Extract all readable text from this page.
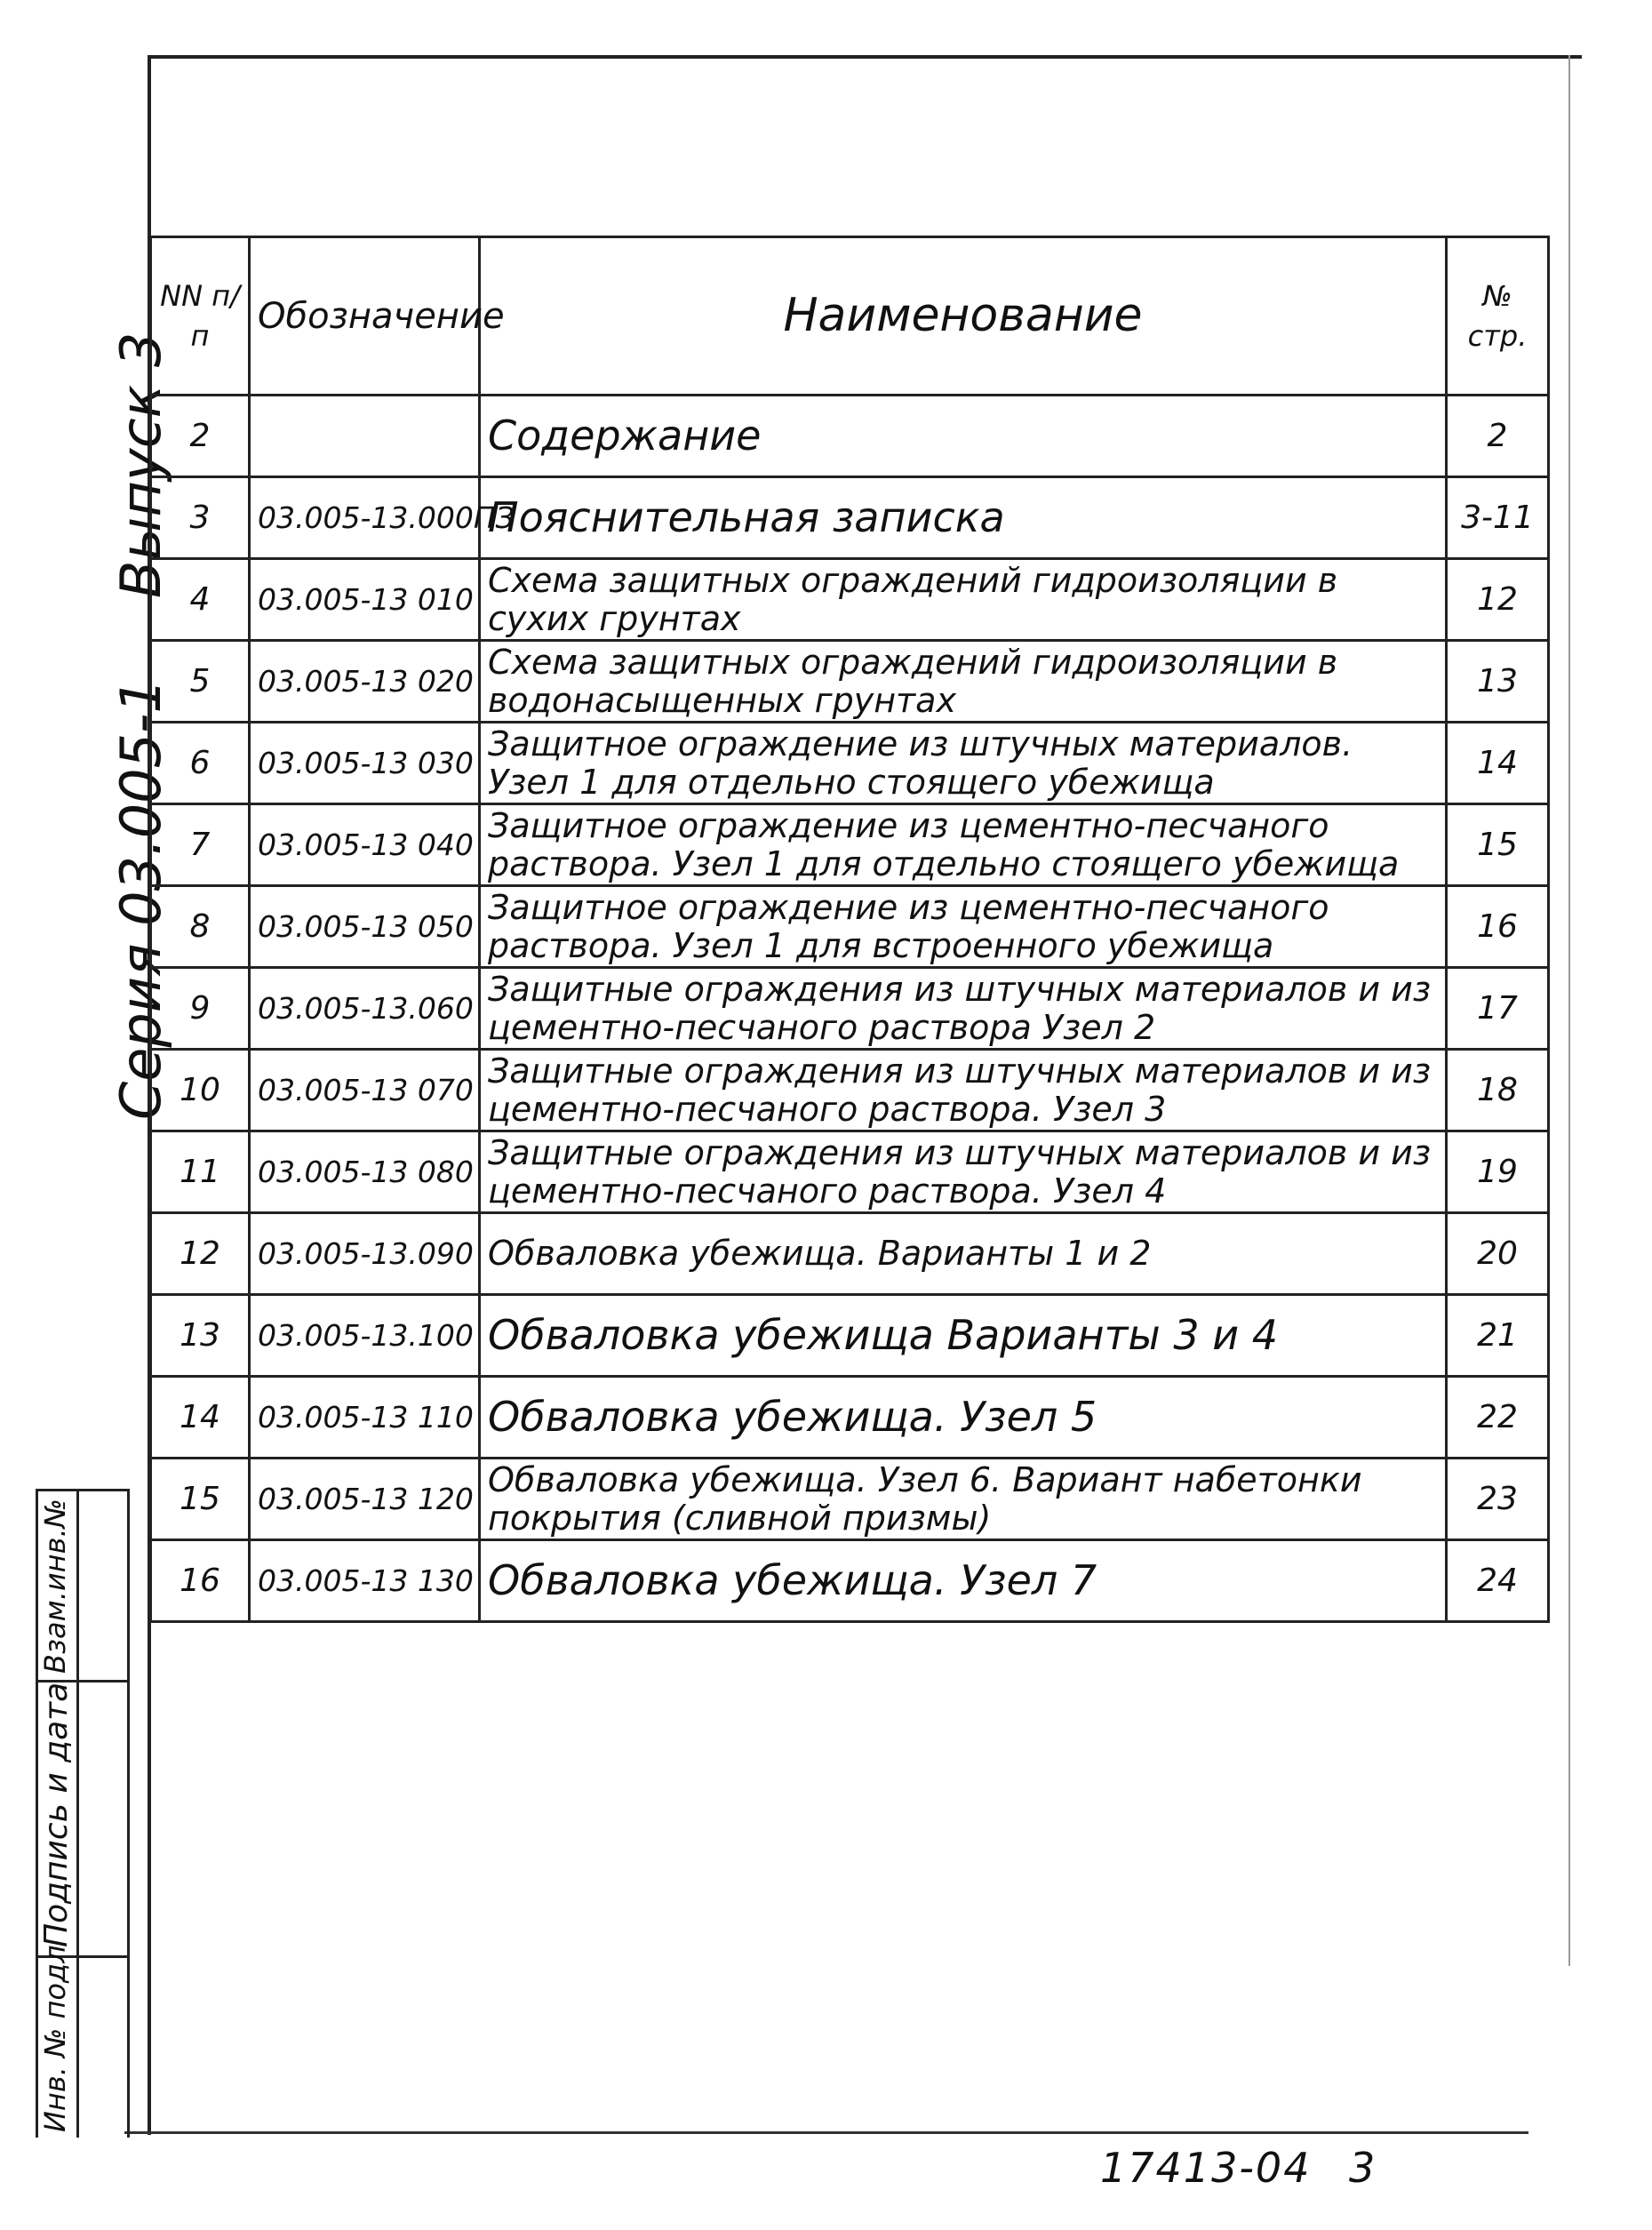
Серия 03.005-1Выпуск 3
Взам.инв.№
Подпись и дата
Инв. № подл
NN п/п	Обозначение	Наименование	№ стр.
2		Содержание	2
3	03.005-13.000ПЗ	Пояснительная записка	3-11
4	03.005-13 010	Схема защитных ограждений гидроизоляции в сухих грунтах	12
5	03.005-13 020	Схема защитных ограждений гидроизоляции в водонасыщенных грунтах	13
6	03.005-13 030	Защитное ограждение из штучных материалов. Узел 1 для отдельно стоящего убежища	14
7	03.005-13 040	Защитное ограждение из цементно-песчаного раствора. Узел 1 для отдельно стоящего убежища	15
8	03.005-13 050	Защитное ограждение из цементно-песчаного раствора. Узел 1 для встроенного убежища	16
9	03.005-13.060	Защитные ограждения из штучных материалов и из цементно-песчаного раствора Узел 2	17
10	03.005-13 070	Защитные ограждения из штучных материалов и из цементно-песчаного раствора. Узел 3	18
11	03.005-13 080	Защитные ограждения из штучных материалов и из цементно-песчаного раствора. Узел 4	19
12	03.005-13.090	Обваловка убежища. Варианты 1 и 2	20
13	03.005-13.100	Обваловка убежища Варианты 3 и 4	21
14	03.005-13 110	Обваловка убежища. Узел 5	22
15	03.005-13 120	Обваловка убежища. Узел 6. Вариант набетонки покрытия (сливной призмы)	23
16	03.005-13 130	Обваловка убежища. Узел 7	24
17413-04 3
